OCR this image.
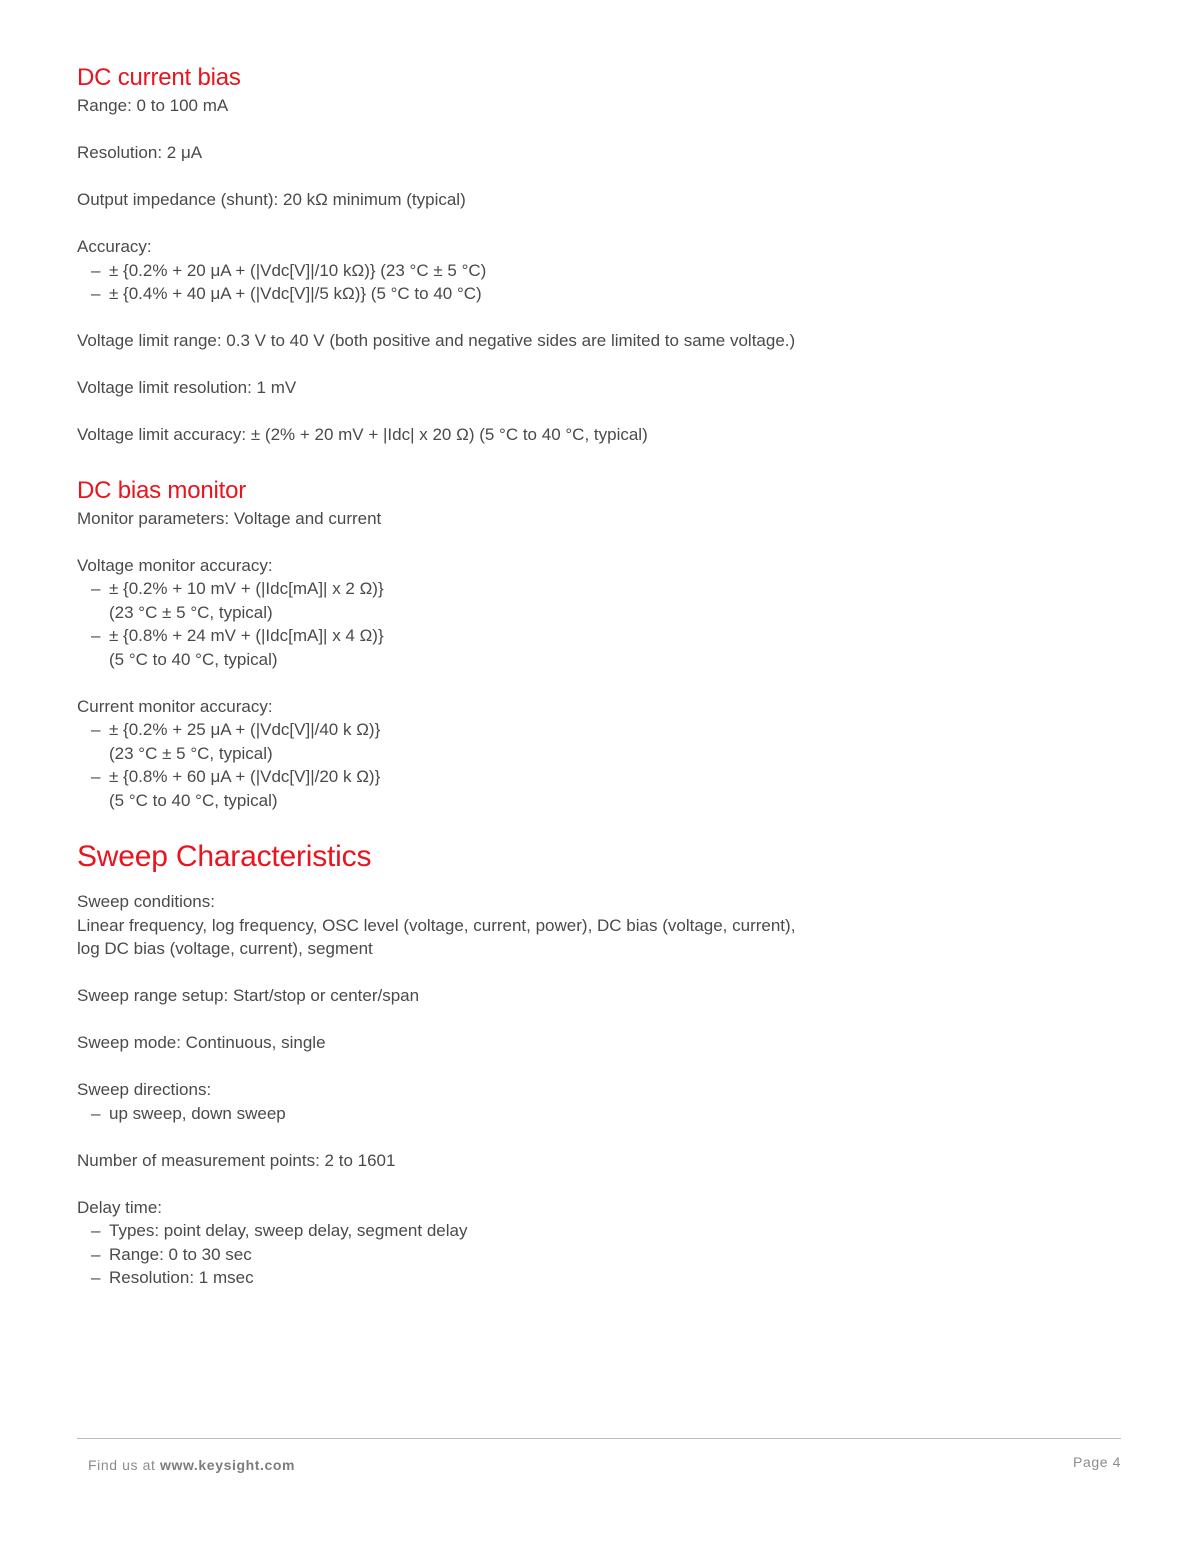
DC current bias

Range: 0 to 100 mA

Resolution: 2 μA

Output impedance (shunt): 20 kΩ minimum (typical)

Accuracy:

– ± {0.2% + 20 μA + (|Vdc[V]|/10 kΩ)} (23 °C ± 5 °C)
– ± {0.4% + 40 μA + (|Vdc[V]|/5 kΩ)} (5 °C to 40 °C)

Voltage limit range: 0.3 V to 40 V (both positive and negative sides are limited to same voltage.)

Voltage limit resolution: 1 mV

Voltage limit accuracy: ± (2% + 20 mV + |Idc| x 20 Ω) (5 °C to 40 °C, typical)

DC bias monitor

Monitor parameters: Voltage and current

Voltage monitor accuracy:

– ± {0.2% + 10 mV + (|Idc[mA]| x 2 Ω)}
(23 °C ± 5 °C, typical)
– ± {0.8% + 24 mV + (|Idc[mA]| x 4 Ω)}
(5 °C to 40 °C, typical)

Current monitor accuracy:

– ± {0.2% + 25 μA + (|Vdc[V]|/40 k Ω)}
(23 °C ± 5 °C, typical)
– ± {0.8% + 60 μA + (|Vdc[V]|/20 k Ω)}
(5 °C to 40 °C, typical)
Sweep Characteristics

Sweep conditions:

Linear frequency, log frequency, OSC level (voltage, current, power), DC bias (voltage, current),

log DC bias (voltage, current), segment

Sweep range setup: Start/stop or center/span

Sweep mode: Continuous, single

Sweep directions:

– up sweep, down sweep

Number of measurement points: 2 to 1601

Delay time:

– Types: point delay, sweep delay, segment delay
– Range: 0 to 30 sec
– Resolution: 1 msec
Find us at www.keysight.com	Page 4
